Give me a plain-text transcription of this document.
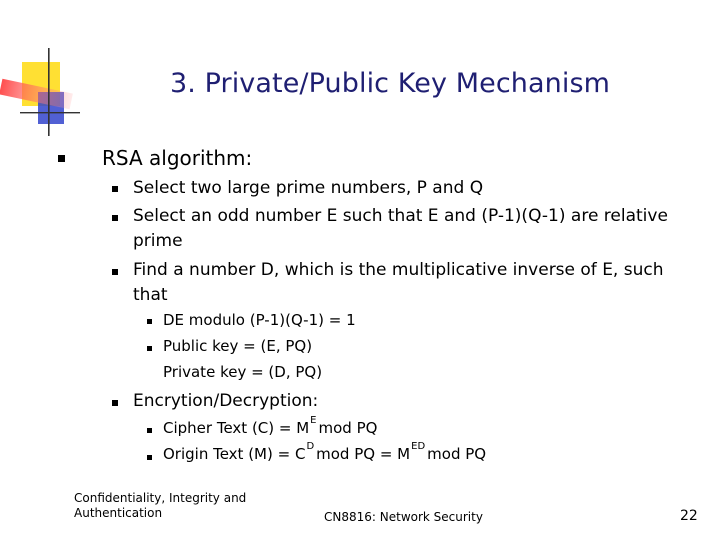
3. Private/Public Key Mechanism
RSA algorithm:
Select two large prime numbers, P and Q
Select an odd number E such that E and (P-1)(Q-1) are relative
prime
Find a number D, which is the multiplicative inverse of E, such
that
DE modulo (P-1)(Q-1) = 1
Public key = (E, PQ)
Private key = (D, PQ)
Encrytion/Decryption:
Cipher Text $(C) = M^E$ mod PQ
Origin Text $(M) = C^D$ mod PQ = $M^{ED}$ mod PQ
Confidentiality, Integrity and
Authentication	CN8816: Network Security	22
